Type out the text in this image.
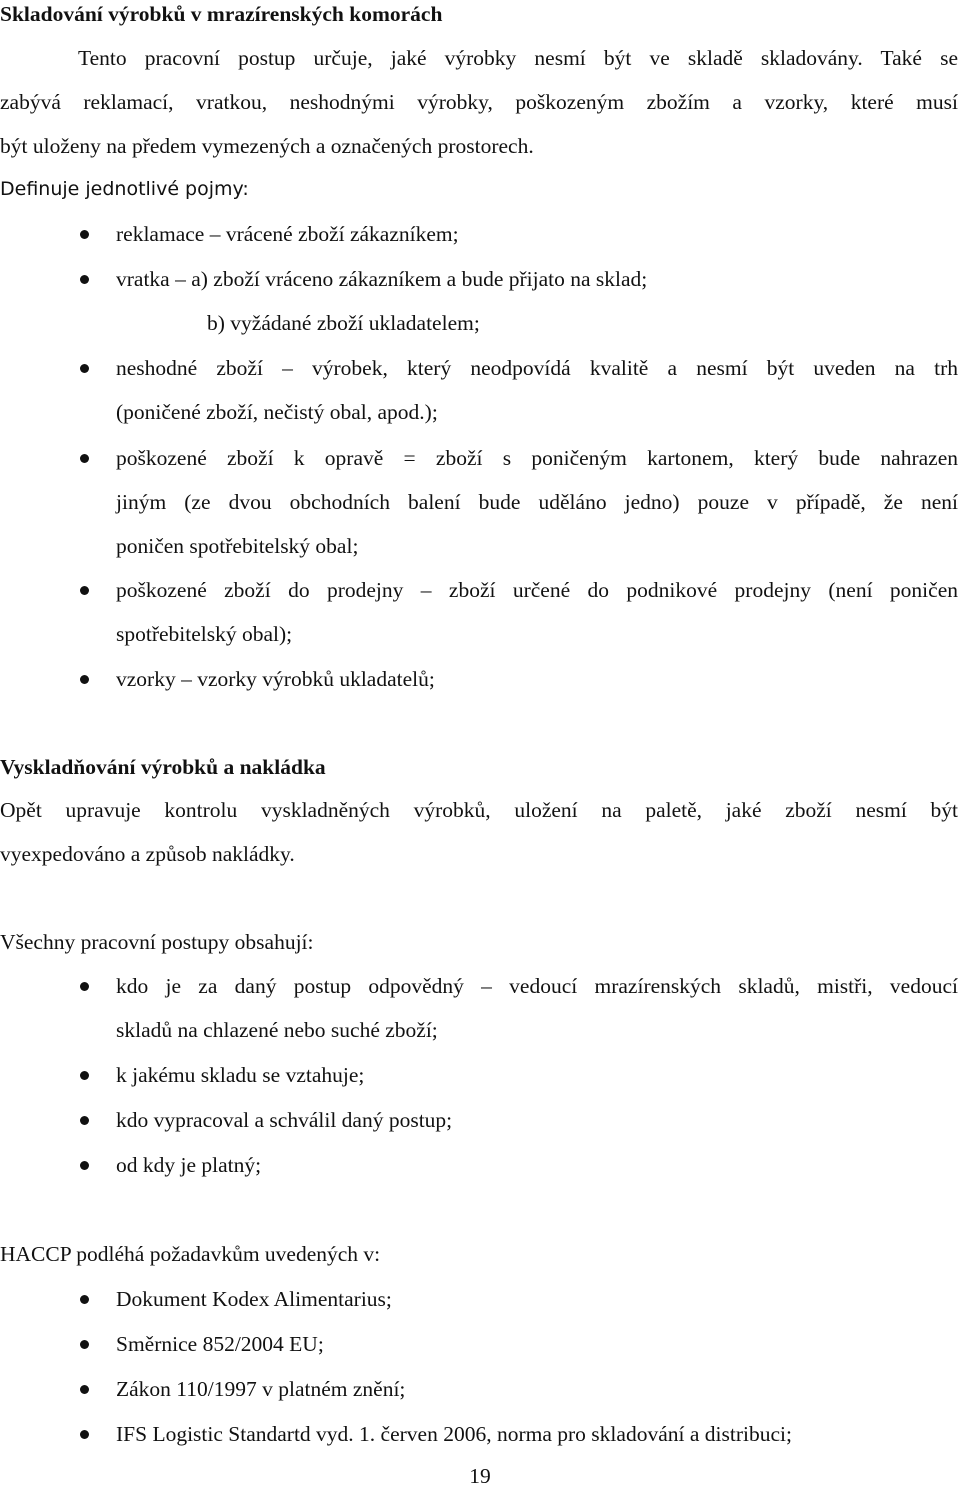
Skladování výrobků v mrazírenských komorách
Tento pracovní postup určuje, jaké výrobky nesmí být ve skladě skladovány. Také se
zabývá reklamací, vratkou, neshodnými výrobky, poškozeným zbožím a vzorky, které musí
být uloženy na předem vymezených a označených prostorech.
Definuje jednotlivé pojmy:
reklamace – vrácené zboží zákazníkem;
vratka – a) zboží vráceno zákazníkem a bude přijato na sklad;
b) vyžádané zboží ukladatelem;
neshodné zboží – výrobek, který neodpovídá kvalitě a nesmí být uveden na trh
(poničené zboží, nečistý obal, apod.);
poškozené zboží k opravě = zboží s poničeným kartonem, který bude nahrazen
jiným (ze dvou obchodních balení bude uděláno jedno) pouze v případě, že není
poničen spotřebitelský obal;
poškozené zboží do prodejny – zboží určené do podnikové prodejny (není poničen
spotřebitelský obal);
vzorky – vzorky výrobků ukladatelů;
Vyskladňování výrobků a nakládka
Opět upravuje kontrolu vyskladněných výrobků, uložení na paletě, jaké zboží nesmí být
vyexpedováno a způsob nakládky.
Všechny pracovní postupy obsahují:
kdo je za daný postup odpovědný – vedoucí mrazírenských skladů, mistři, vedoucí
skladů na chlazené nebo suché zboží;
k jakému skladu se vztahuje;
kdo vypracoval a schválil daný postup;
od kdy je platný;
HACCP podléhá požadavkům uvedených v:
Dokument Kodex Alimentarius;
Směrnice 852/2004 EU;
Zákon 110/1997 v platném znění;
IFS Logistic Standartd vyd. 1. červen 2006, norma pro skladování a distribuci;
19
